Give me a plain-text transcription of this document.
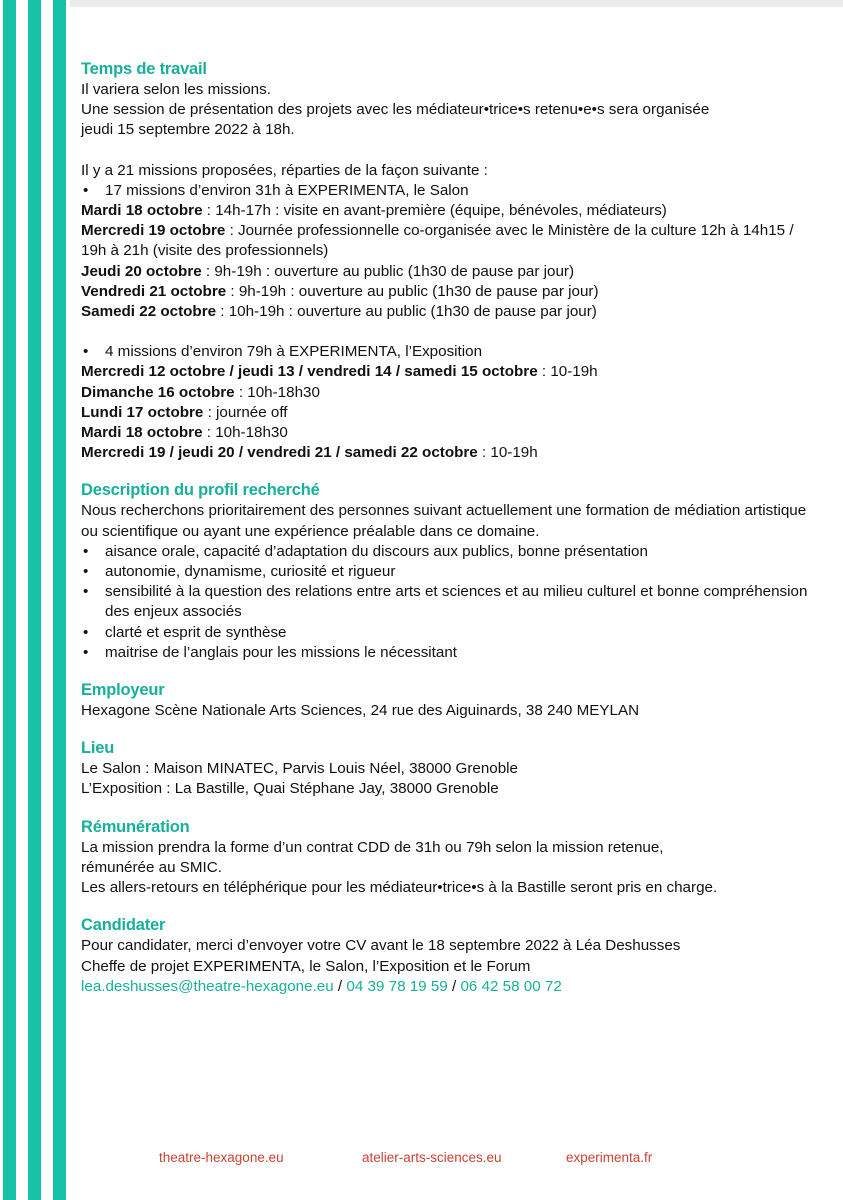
Temps de travail

Il variera selon les missions.

Une session de présentation des projets avec les médiateur•trice•s retenu•e•s sera organisée

jeudi 15 septembre 2022 à 18h.

Il y a 21 missions proposées, réparties de la façon suivante :

• 17 missions d’environ 31h à EXPERIMENTA, le Salon

Mardi 18 octobre : 14h-17h : visite en avant-première (équipe, bénévoles, médiateurs)

Mercredi 19 octobre : Journée professionnelle co-organisée avec le Ministère de la culture 12h à 14h15 / 19h à 21h (visite des professionnels)

Jeudi 20 octobre : 9h-19h : ouverture au public (1h30 de pause par jour)

Vendredi 21 octobre : 9h-19h : ouverture au public (1h30 de pause par jour)

Samedi 22 octobre : 10h-19h : ouverture au public (1h30 de pause par jour)

• 4 missions d’environ 79h à EXPERIMENTA, l’Exposition

Mercredi 12 octobre / jeudi 13 / vendredi 14 / samedi 15 octobre : 10-19h

Dimanche 16 octobre : 10h-18h30

Lundi 17 octobre : journée off

Mardi 18 octobre : 10h-18h30

Mercredi 19 / jeudi 20 / vendredi 21 / samedi 22 octobre : 10-19h

Description du profil recherché

Nous recherchons prioritairement des personnes suivant actuellement une formation de médiation artistique ou scientifique ou ayant une expérience préalable dans ce domaine.

• aisance orale, capacité d’adaptation du discours aux publics, bonne présentation
• autonomie, dynamisme, curiosité et rigueur
• sensibilité à la question des relations entre arts et sciences et au milieu culturel et bonne compréhension des enjeux associés
• clarté et esprit de synthèse
• maitrise de l’anglais pour les missions le nécessitant
Employeur

Hexagone Scène Nationale Arts Sciences, 24 rue des Aiguinards, 38 240 MEYLAN

Lieu

Le Salon : Maison MINATEC, Parvis Louis Néel, 38000 Grenoble

L’Exposition : La Bastille, Quai Stéphane Jay, 38000 Grenoble

Rémunération

La mission prendra la forme d’un contrat CDD de 31h ou 79h selon la mission retenue, rémunérée au SMIC.

Les allers-retours en téléphérique pour les médiateur•trice•s à la Bastille seront pris en charge.

Candidater

Pour candidater, merci d’envoyer votre CV avant le 18 septembre 2022 à Léa Deshusses

Cheffe de projet EXPERIMENTA, le Salon, l’Exposition et le Forum

lea.deshusses@theatre-hexagone.eu / 04 39 78 19 59 / 06 42 58 00 72

theatre-hexagone.eu	atelier-arts-sciences.eu	experimenta.fr
